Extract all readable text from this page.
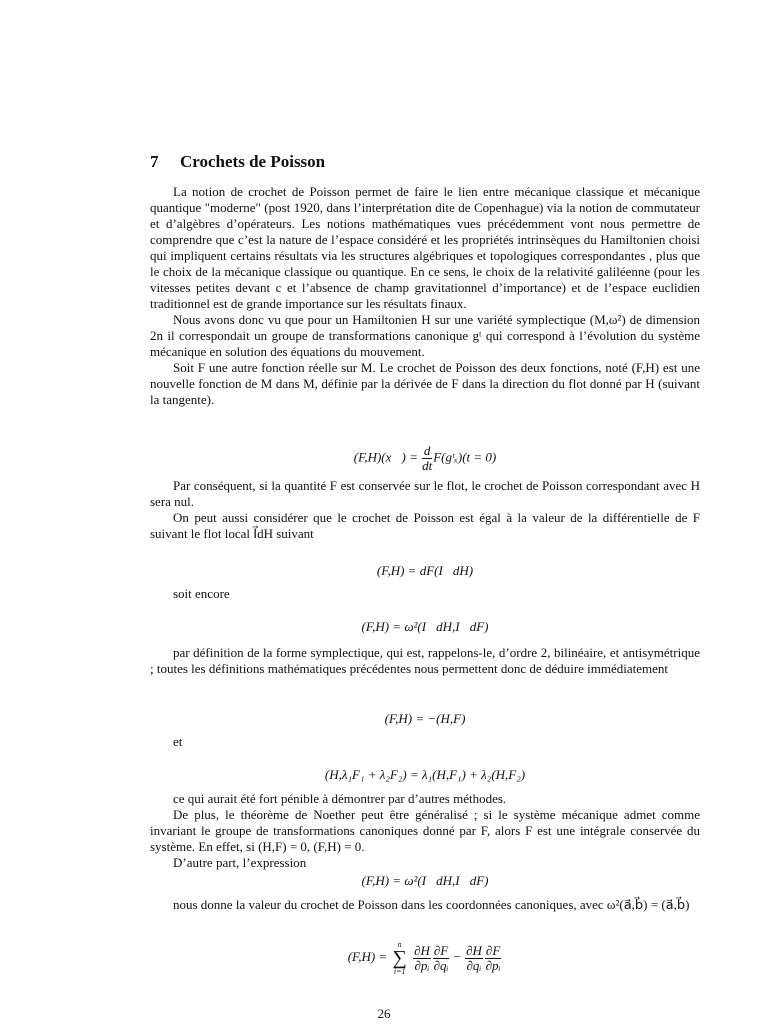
7 Crochets de Poisson

La notion de crochet de Poisson permet de faire le lien entre mécanique classique et mécanique quantique "moderne" (post 1920, dans l’interprétation dite de Copenhague) via la notion de commutateur et d’algèbres d’opérateurs. Les notions mathématiques vues précédemment vont nous permettre de comprendre que c’est la nature de l’espace considéré et les propriétés intrinsèques du Hamiltonien choisi qui impliquent certains résultats via les structures algébriques et topologiques correspondantes , plus que le choix de la mécanique classique ou quantique. En ce sens, le choix de la relativité galiléenne (pour les vitesses petites devant c et l’absence de champ gravitationnel d’importance) et de l’espace euclidien traditionnel est de grande importance sur les résultats finaux.

Nous avons donc vu que pour un Hamiltonien H sur une variété symplectique (M,ω²) de dimension 2n il correspondait un groupe de transformations canonique gᵗ qui correspond à l’évolution du système mécanique en solution des équations du mouvement.

Soit F une autre fonction réelle sur M. Le crochet de Poisson des deux fonctions, noté (F,H) est une nouvelle fonction de M dans M, définie par la dérivée de F dans la direction du flot donné par H (suivant la tangente).

(F,H)(x⃗) = $\frac{d}{dt}$ F(gᵗₓ)(t = 0)

Par conséquent, si la quantité F est conservée sur le flot, le crochet de Poisson correspondant avec H sera nul.

On peut aussi considérer que le crochet de Poisson est égal à la valeur de la différentielle de F suivant le flot local I⃗dH suivant

(F,H) = dF(I⃗dH)

soit encore

(F,H) = ω²(I⃗dH,I⃗dF)

par définition de la forme symplectique, qui est, rappelons-le, d’ordre 2, bilinéaire, et antisymétrique ; toutes les définitions mathématiques précédentes nous permettent donc de déduire immédiatement

(F,H) = −(H,F)

et

(H,λ₁F₁ + λ₂F₂) = λ₁(H,F₁) + λ₂(H,F₂)

ce qui aurait été fort pénible à démontrer par d’autres méthodes.

De plus, le théorème de Noether peut être généralisé ; si le système mécanique admet comme invariant le groupe de transformations canoniques donné par F, alors F est une intégrale conservée du système. En effet, si (H,F) = 0, (F,H) = 0.

D’autre part, l’expression

(F,H) = ω²(I⃗dH,I⃗dF)

nous donne la valeur du crochet de Poisson dans les coordonnées canoniques, avec ω²(a⃗,b⃗) = (a⃗,b⃗)

(F,H) =
n
∑
i=1
$\frac{\partial H}{\text{∂pᵢ}} \frac{\partial F}{\text{∂qᵢ}} - \frac{\partial H}{\text{∂qᵢ}} \frac{\partial F}{\text{∂pᵢ}}$
26
